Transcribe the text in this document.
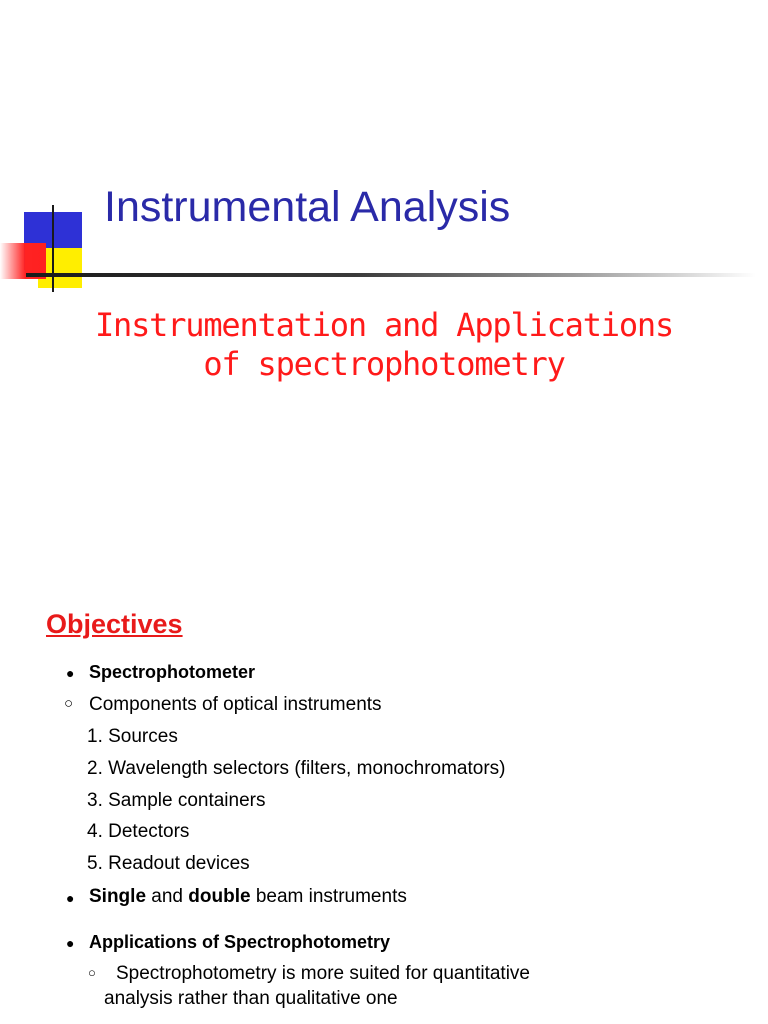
Instrumental Analysis
Instrumentation and Applications
of spectrophotometry
Objectives
● Spectrophotometer
○ Components of optical instruments
1. Sources
2. Wavelength selectors (filters, monochromators)
3. Sample containers
4. Detectors
5. Readout devices
● Single and double beam instruments
● Applications of Spectrophotometry
○ Spectrophotometry is more suited for quantitative
analysis rather than qualitative one
